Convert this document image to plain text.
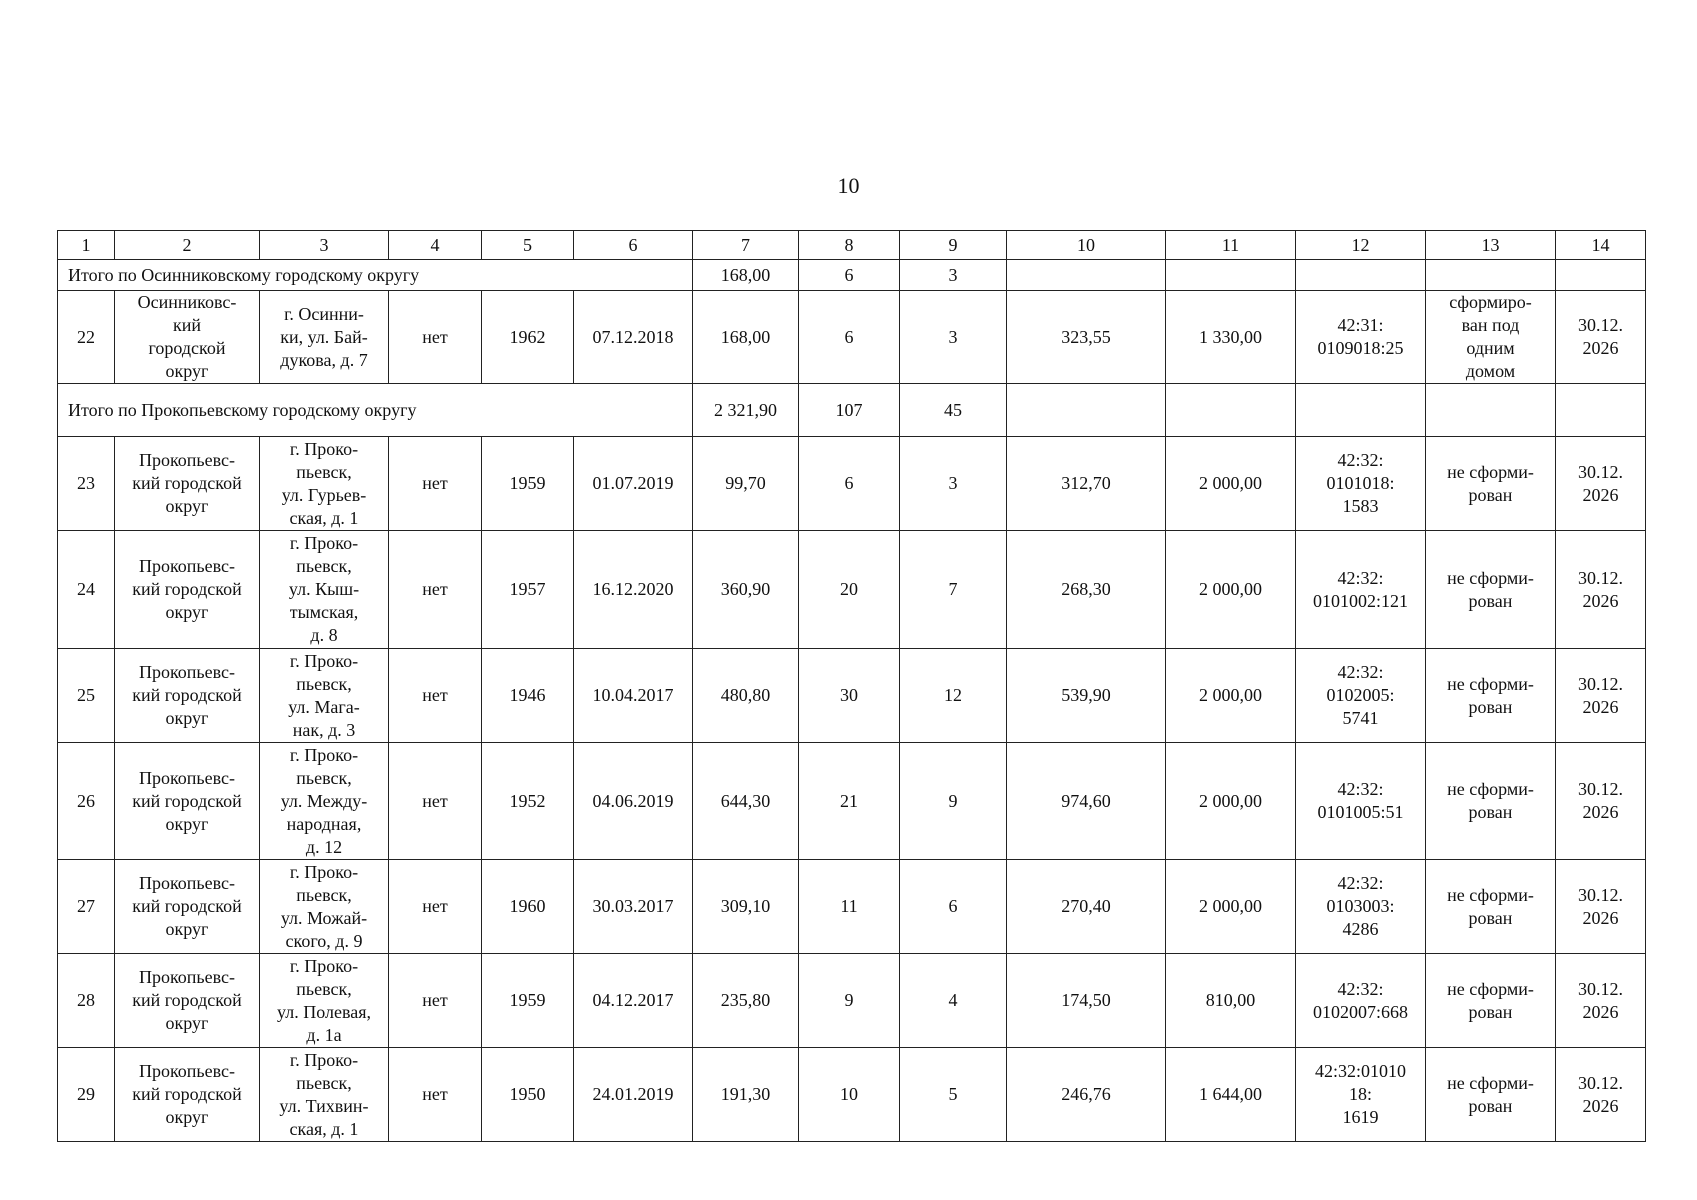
10
1	2	3	4	5	6	7	8	9	10	11	12	13	14
Итого по Осинниковскому городскому округу						168,00	6	3					
22	Осинниковс-
кий
городской
округ	г. Осинни-
ки, ул. Бай-
дукова, д. 7	нет	1962	07.12.2018	168,00	6	3	323,55	1 330,00	42:31:
0109018:25	сформиро-
ван под
одним
домом	30.12.
2026
Итого по Прокопьевскому городскому округу						2 321,90	107	45					
23	Прокопьевс-
кий городской
округ	г. Проко-
пьевск,
ул. Гурьев-
ская, д. 1	нет	1959	01.07.2019	99,70	6	3	312,70	2 000,00	42:32:
0101018:
1583	не сформи-
рован	30.12.
2026
24	Прокопьевс-
кий городской
округ	г. Проко-
пьевск,
ул. Кыш-
тымская,
д. 8	нет	1957	16.12.2020	360,90	20	7	268,30	2 000,00	42:32:
0101002:121	не сформи-
рован	30.12.
2026
25	Прокопьевс-
кий городской
округ	г. Проко-
пьевск,
ул. Мага-
нак, д. 3	нет	1946	10.04.2017	480,80	30	12	539,90	2 000,00	42:32:
0102005:
5741	не сформи-
рован	30.12.
2026
26	Прокопьевс-
кий городской
округ	г. Проко-
пьевск,
ул. Между-
народная,
д. 12	нет	1952	04.06.2019	644,30	21	9	974,60	2 000,00	42:32:
0101005:51	не сформи-
рован	30.12.
2026
27	Прокопьевс-
кий городской
округ	г. Проко-
пьевск,
ул. Можай-
ского, д. 9	нет	1960	30.03.2017	309,10	11	6	270,40	2 000,00	42:32:
0103003:
4286	не сформи-
рован	30.12.
2026
28	Прокопьевс-
кий городской
округ	г. Проко-
пьевск,
ул. Полевая,
д. 1а	нет	1959	04.12.2017	235,80	9	4	174,50	810,00	42:32:
0102007:668	не сформи-
рован	30.12.
2026
29	Прокопьевс-
кий городской
округ	г. Проко-
пьевск,
ул. Тихвин-
ская, д. 1	нет	1950	24.01.2019	191,30	10	5	246,76	1 644,00	42:32:01010
18:
1619	не сформи-
рован	30.12.
2026
